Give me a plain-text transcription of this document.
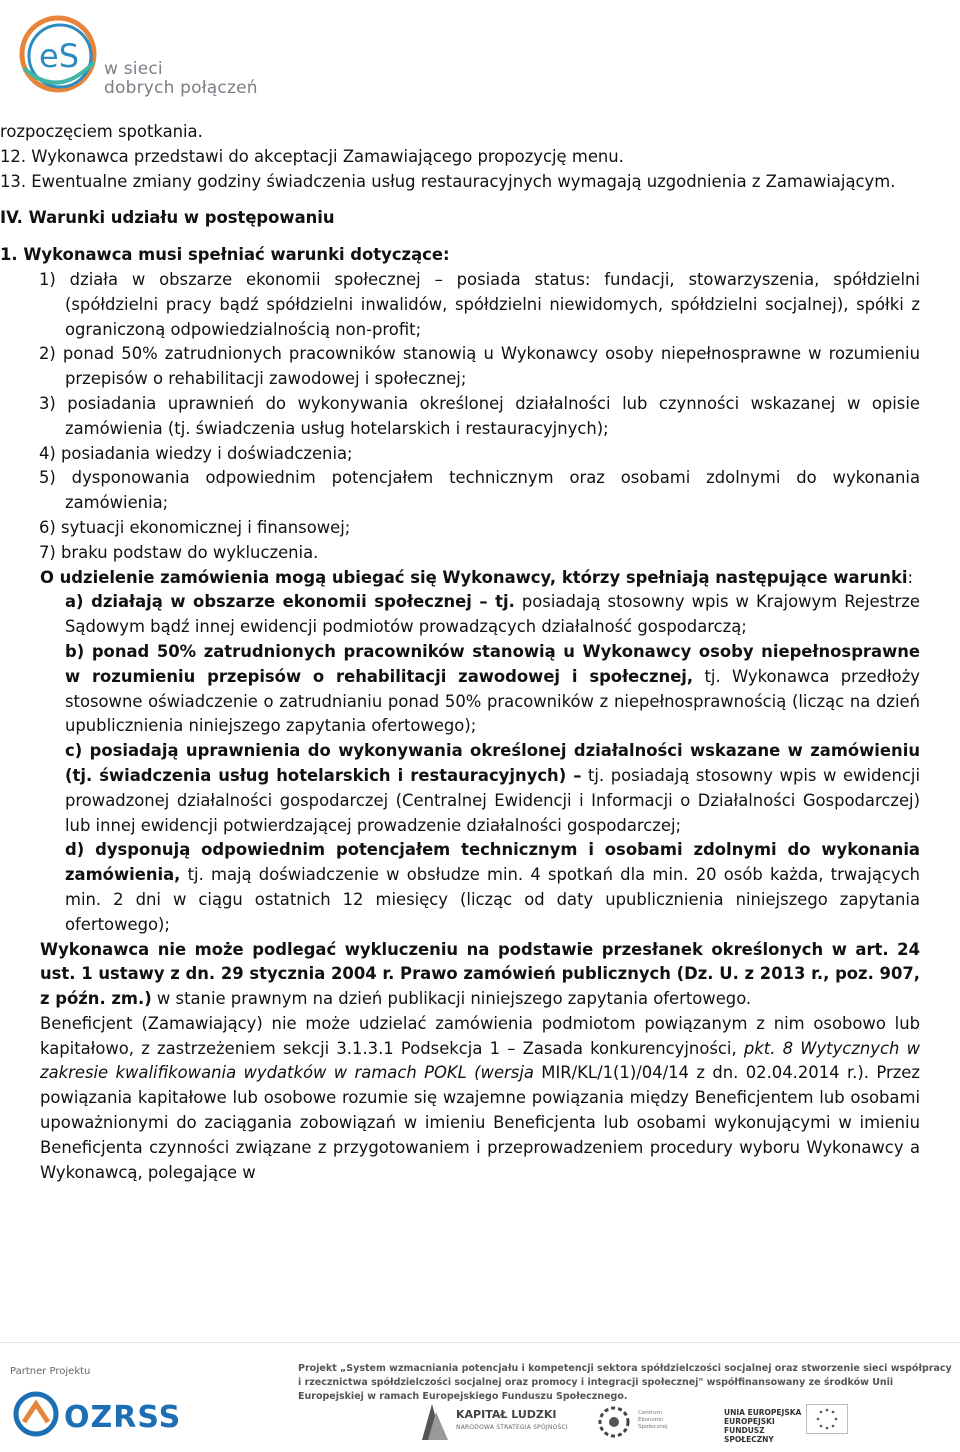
eS w sieci
dobrych połączeń

rozpoczęciem spotkania.

12. Wykonawca przedstawi do akceptacji Zamawiającego propozycję menu.

13. Ewentualne zmiany godziny świadczenia usług restauracyjnych wymagają uzgodnienia z Zamawiającym.

IV. Warunki udziału w postępowaniu

1. Wykonawca musi spełniać warunki dotyczące:

1) działa w obszarze ekonomii społecznej – posiada status: fundacji, stowarzyszenia, spółdzielni (spółdzielni pracy bądź spółdzielni inwalidów, spółdzielni niewidomych, spółdzielni socjalnej), spółki z ograniczoną odpowiedzialnością non-profit;

2) ponad 50% zatrudnionych pracowników stanowią u Wykonawcy osoby niepełnosprawne w rozumieniu przepisów o rehabilitacji zawodowej i społecznej;

3) posiadania uprawnień do wykonywania określonej działalności lub czynności wskazanej w opisie zamówienia (tj. świadczenia usług hotelarskich i restauracyjnych);

4) posiadania wiedzy i doświadczenia;

5) dysponowania odpowiednim potencjałem technicznym oraz osobami zdolnymi do wykonania zamówienia;

6) sytuacji ekonomicznej i finansowej;

7) braku podstaw do wykluczenia.

O udzielenie zamówienia mogą ubiegać się Wykonawcy, którzy spełniają następujące warunki:

a) działają w obszarze ekonomii społecznej – tj. posiadają stosowny wpis w Krajowym Rejestrze Sądowym bądź innej ewidencji podmiotów prowadzących działalność gospodarczą;

b) ponad 50% zatrudnionych pracowników stanowią u Wykonawcy osoby niepełnosprawne w rozumieniu przepisów o rehabilitacji zawodowej i społecznej, tj. Wykonawca przedłoży stosowne oświadczenie o zatrudnianiu ponad 50% pracowników z niepełnosprawnością (licząc na dzień upublicznienia niniejszego zapytania ofertowego);

c) posiadają uprawnienia do wykonywania określonej działalności wskazane w zamówieniu (tj. świadczenia usług hotelarskich i restauracyjnych) – tj. posiadają stosowny wpis w ewidencji prowadzonej działalności gospodarczej (Centralnej Ewidencji i Informacji o Działalności Gospodarczej) lub innej ewidencji potwierdzającej prowadzenie działalności gospodarczej;

d) dysponują odpowiednim potencjałem technicznym i osobami zdolnymi do wykonania zamówienia, tj. mają doświadczenie w obsłudze min. 4 spotkań dla min. 20 osób każda, trwających min. 2 dni w ciągu ostatnich 12 miesięcy (licząc od daty upublicznienia niniejszego zapytania ofertowego);

Wykonawca nie może podlegać wykluczeniu na podstawie przesłanek określonych w art. 24 ust. 1 ustawy z dn. 29 stycznia 2004 r. Prawo zamówień publicznych (Dz. U. z 2013 r., poz. 907, z późn. zm.) w stanie prawnym na dzień publikacji niniejszego zapytania ofertowego.

Beneficjent (Zamawiający) nie może udzielać zamówienia podmiotom powiązanym z nim osobowo lub kapitałowo, z zastrzeżeniem sekcji 3.1.3.1 Podsekcja 1 – Zasada konkurencyjności, pkt. 8 Wytycznych w zakresie kwalifikowania wydatków w ramach POKL (wersja MIR/KL/1(1)/04/14 z dn. 02.04.2014 r.). Przez powiązania kapitałowe lub osobowe rozumie się wzajemne powiązania między Beneficjentem lub osobami upoważnionymi do zaciągania zobowiązań w imieniu Beneficjenta lub osobami wykonującymi w imieniu Beneficjenta czynności związane z przygotowaniem i przeprowadzeniem procedury wyboru Wykonawcy a Wykonawcą, polegające w

Partner Projektu	Projekt „System wzmacniania potencjału i kompetencji sektora spółdzielczości socjalnej oraz stworzenie sieci współpracy i rzecznictwa spółdzielczości socjalnej oraz promocy i integracji społecznej" współfinansowany ze środków Unii Europejskiej w ramach Europejskiego Funduszu Społecznego.
OZRSS	KAPITAŁ LUDZKI
NARODOWA STRATEGIA SPÓJNOŚCI
Centrum Ekonomii Społecznej
UNIA EUROPEJSKA EUROPEJSKI FUNDUSZ SPOŁECZNY
